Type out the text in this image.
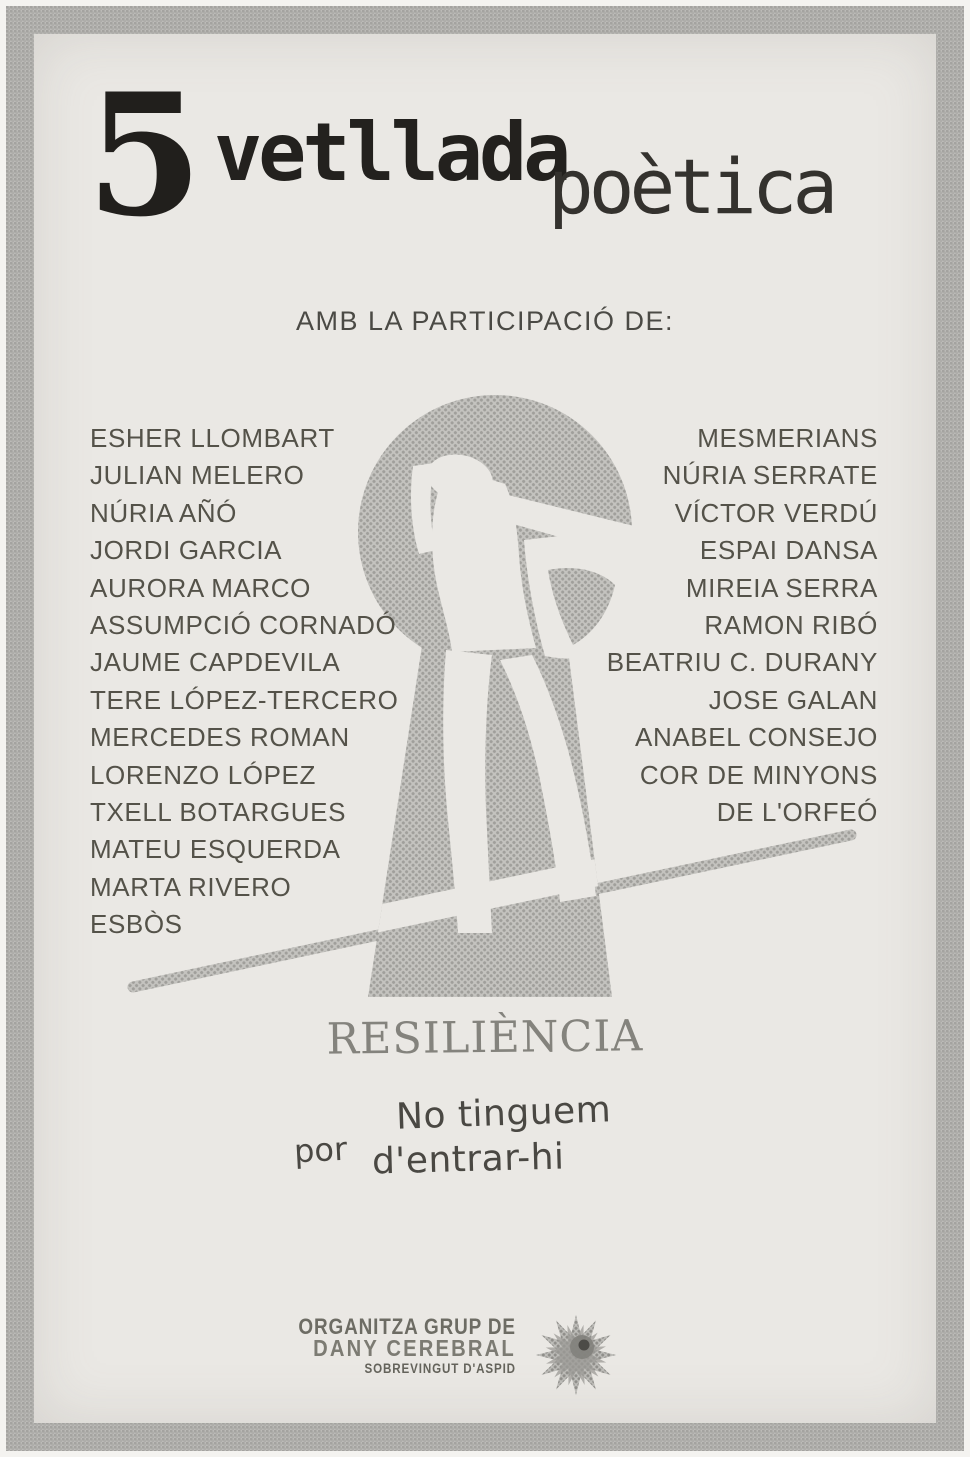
5 vetllada
poètica
AMB LA PARTICIPACIÓ DE:
ESHER LLOMBART
JULIAN MELERO
NÚRIA AÑÓ
JORDI GARCIA
AURORA MARCO
ASSUMPCIÓ CORNADÓ
JAUME CAPDEVILA
TERE LÓPEZ-TERCERO
MERCEDES ROMAN
LORENZO LÓPEZ
TXELL BOTARGUES
MATEU ESQUERDA
MARTA RIVERO
ESBÒS
MESMERIANS
NÚRIA SERRATE
VÍCTOR VERDÚ
ESPAI DANSA
MIREIA SERRA
RAMON RIBÓ
BEATRIU C. DURANY
JOSE GALAN
ANABEL CONSEJO
COR DE MINYONS
DE L'ORFEÓ
RESILIÈNCIA
No tinguem
por d'entrar-hi
ORGANITZA GRUP DE
DANY CEREBRAL
SOBREVINGUT D'ASPID
